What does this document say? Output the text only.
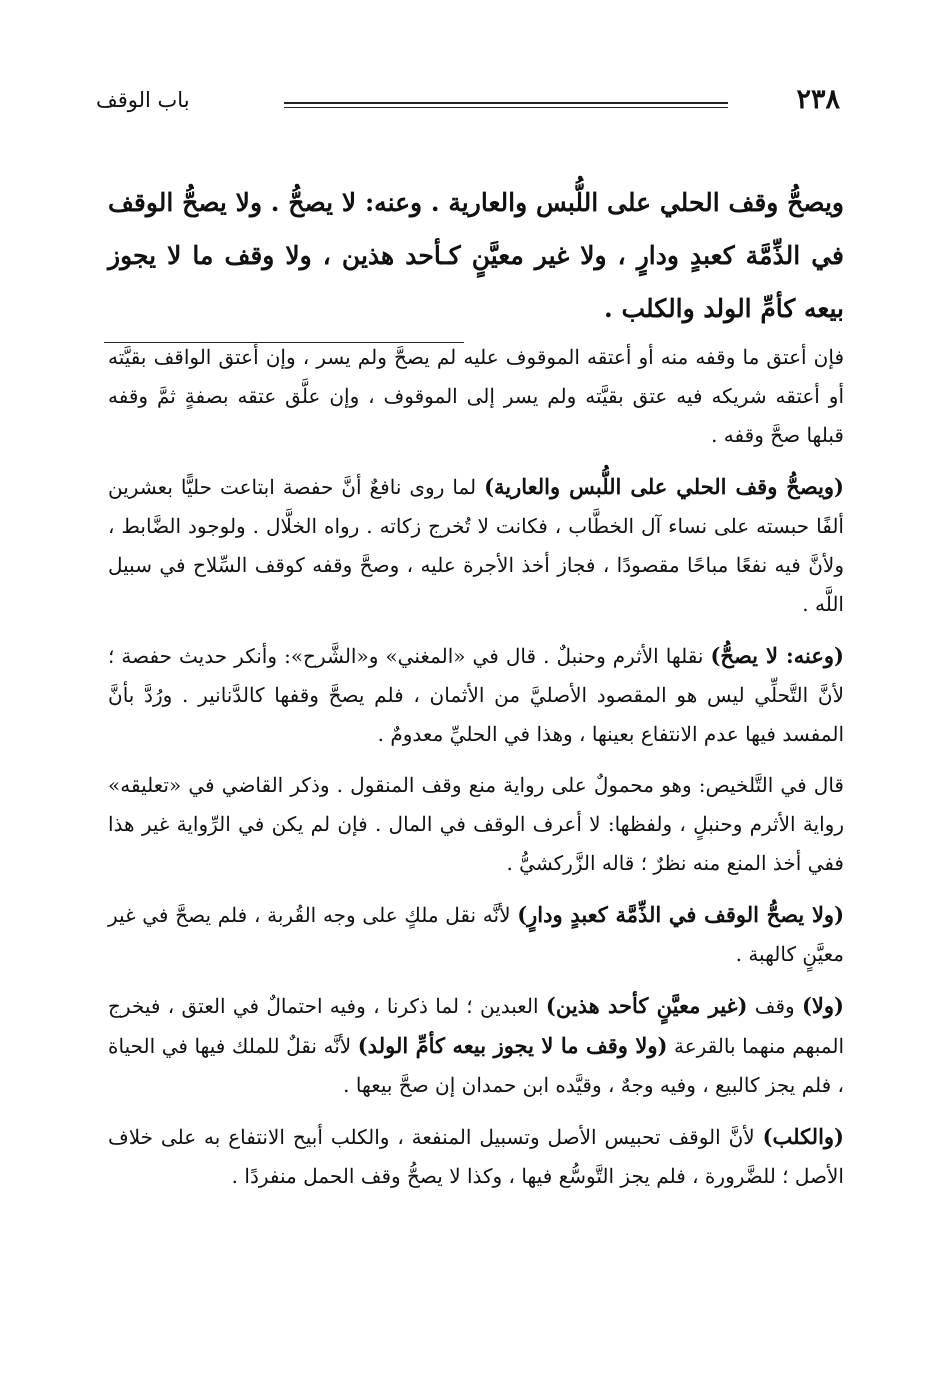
٢٣٨
باب الوقف
ويصحُّ وقف الحلي على اللُّبس والعارية . وعنه: لا يصحُّ . ولا يصحُّ الوقف في الذِّمَّة كعبدٍ ودارٍ ، ولا غير معيَّنٍ كـأحد هذين ، ولا وقف ما لا يجوز بيعه كأمِّ الولد والكلب .

فإن أعتق ما وقفه منه أو أعتقه الموقوف عليه لم يصحَّ ولم يسر ، وإن أعتق الواقف بقيَّته أو أعتقه شريكه فيه عتق بقيَّته ولم يسر إلى الموقوف ، وإن علَّق عتقه بصفةٍ ثمَّ وقفه قبلها صحَّ وقفه .

(ويصحُّ وقف الحلي على اللُّبس والعارية) لما روى نافعٌ أنَّ حفصة ابتاعت حليًّا بعشرين ألفًا حبسته على نساء آل الخطَّاب ، فكانت لا تُخرج زكاته . رواه الخلَّال . ولوجود الضَّابط ، ولأنَّ فيه نفعًا مباحًا مقصودًا ، فجاز أخذ الأجرة عليه ، وصحَّ وقفه كوقف السِّلاح في سبيل اللَّه .

(وعنه: لا يصحُّ) نقلها الأثرم وحنبلٌ . قال في «المغني» و«الشَّرح»: وأنكر حديث حفصة ؛ لأنَّ التَّحلِّي ليس هو المقصود الأصليَّ من الأثمان ، فلم يصحَّ وقفها كالدَّنانير . ورُدَّ بأنَّ المفسد فيها عدم الانتفاع بعينها ، وهذا في الحليِّ معدومٌ .

قال في التَّلخيص: وهو محمولٌ على رواية منع وقف المنقول . وذكر القاضي في «تعليقه» رواية الأثرم وحنبلٍ ، ولفظها: لا أعرف الوقف في المال . فإن لم يكن في الرِّواية غير هذا ففي أخذ المنع منه نظرٌ ؛ قاله الزَّركشيُّ .

(ولا يصحُّ الوقف في الذِّمَّة كعبدٍ ودارٍ) لأنَّه نقل ملكٍ على وجه القُربة ، فلم يصحَّ في غير معيَّنٍ كالهبة .

(ولا) وقف (غير معيَّنٍ كأحد هذين) العبدين ؛ لما ذكرنا ، وفيه احتمالٌ في العتق ، فيخرج المبهم منهما بالقرعة (ولا وقف ما لا يجوز بيعه كأمِّ الولد) لأنَّه نقلٌ للملك فيها في الحياة ، فلم يجز كالبيع ، وفيه وجهٌ ، وقيَّده ابن حمدان إن صحَّ بيعها .

(والكلب) لأنَّ الوقف تحبيس الأصل وتسبيل المنفعة ، والكلب أبيح الانتفاع به على خلاف الأصل ؛ للضَّرورة ، فلم يجز التَّوسُّع فيها ، وكذا لا يصحُّ وقف الحمل منفردًا .
